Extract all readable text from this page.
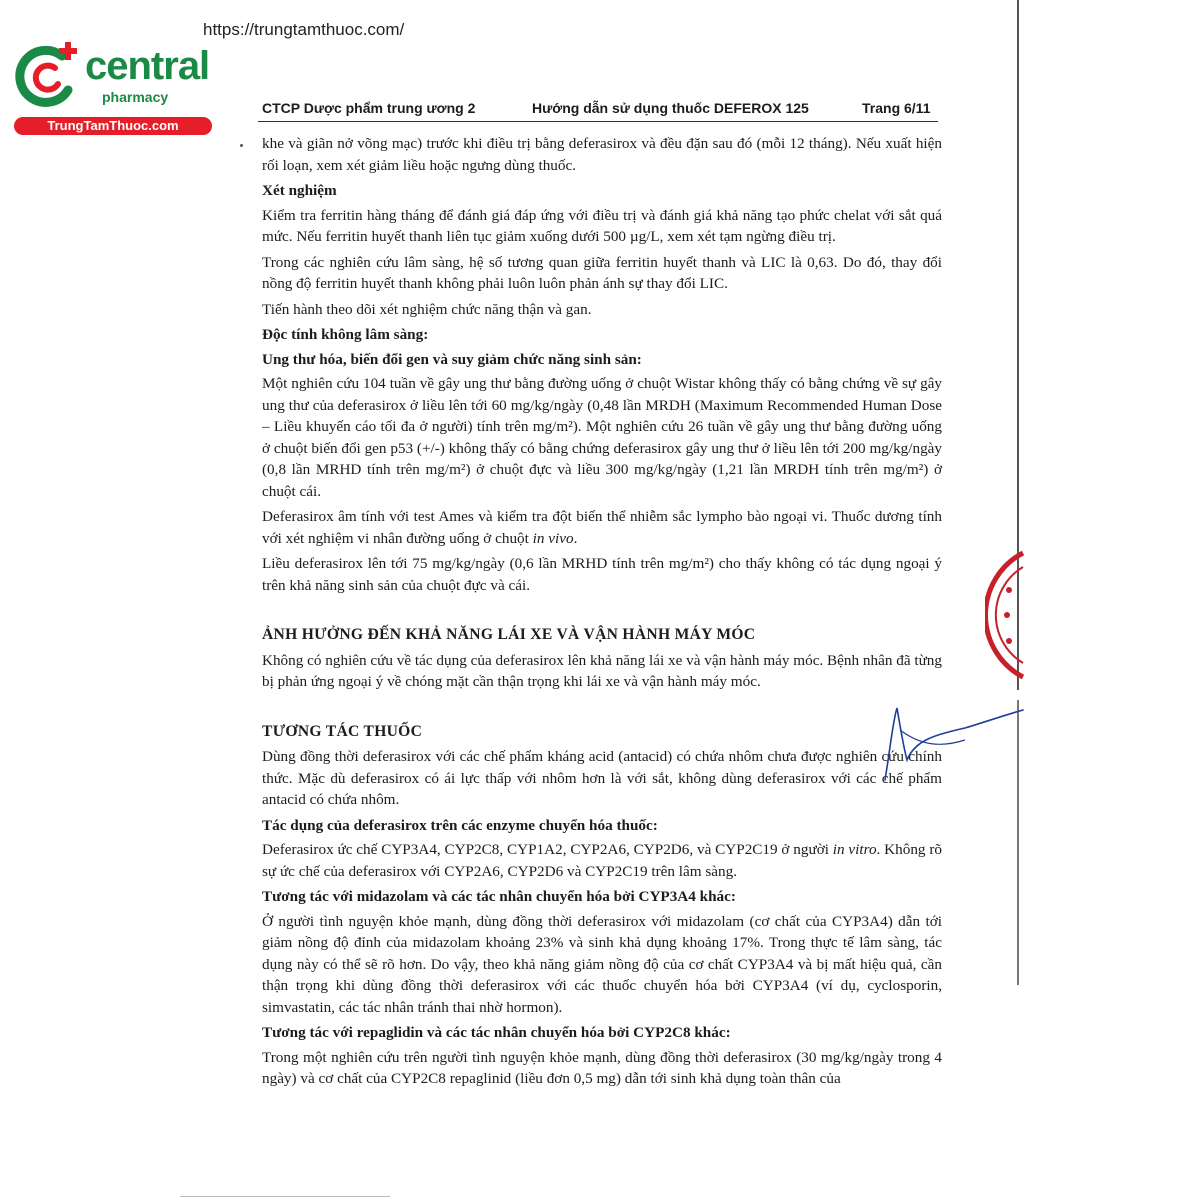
https://trungtamthuoc.com/
central
pharmacy
TrungTamThuoc.com
CTCP Dược phẩm trung ương 2	Hướng dẫn sử dụng thuốc DEFEROX 125	Trang 6/11

khe và giãn nở võng mạc) trước khi điều trị bằng deferasirox và đều đặn sau đó (mỗi 12 tháng). Nếu xuất hiện rối loạn, xem xét giảm liều hoặc ngưng dùng thuốc.

Xét nghiệm

Kiểm tra ferritin hàng tháng để đánh giá đáp ứng với điều trị và đánh giá khả năng tạo phức chelat với sắt quá mức. Nếu ferritin huyết thanh liên tục giảm xuống dưới 500 µg/L, xem xét tạm ngừng điều trị.

Trong các nghiên cứu lâm sàng, hệ số tương quan giữa ferritin huyết thanh và LIC là 0,63. Do đó, thay đổi nồng độ ferritin huyết thanh không phải luôn luôn phản ánh sự thay đổi LIC.

Tiến hành theo dõi xét nghiệm chức năng thận và gan.

Độc tính không lâm sàng:
Ung thư hóa, biến đổi gen và suy giảm chức năng sinh sản:

Một nghiên cứu 104 tuần về gây ung thư bằng đường uống ở chuột Wistar không thấy có bằng chứng về sự gây ung thư của deferasirox ở liều lên tới 60 mg/kg/ngày (0,48 lần MRDH (Maximum Recommended Human Dose – Liều khuyến cáo tối đa ở người) tính trên mg/m²). Một nghiên cứu 26 tuần về gây ung thư bằng đường uống ở chuột biến đổi gen p53 (+/-) không thấy có bằng chứng deferasirox gây ung thư ở liều lên tới 200 mg/kg/ngày (0,8 lần MRHD tính trên mg/m²) ở chuột đực và liều 300 mg/kg/ngày (1,21 lần MRDH tính trên mg/m²) ở chuột cái.

Deferasirox âm tính với test Ames và kiểm tra đột biến thể nhiễm sắc lympho bào ngoại vi. Thuốc dương tính với xét nghiệm vi nhân đường uống ở chuột in vivo.

Liều deferasirox lên tới 75 mg/kg/ngày (0,6 lần MRHD tính trên mg/m²) cho thấy không có tác dụng ngoại ý trên khả năng sinh sản của chuột đực và cái.

ẢNH HƯỞNG ĐẾN KHẢ NĂNG LÁI XE VÀ VẬN HÀNH MÁY MÓC

Không có nghiên cứu về tác dụng của deferasirox lên khả năng lái xe và vận hành máy móc. Bệnh nhân đã từng bị phản ứng ngoại ý về chóng mặt cần thận trọng khi lái xe và vận hành máy móc.

TƯƠNG TÁC THUỐC

Dùng đồng thời deferasirox với các chế phẩm kháng acid (antacid) có chứa nhôm chưa được nghiên cứu chính thức. Mặc dù deferasirox có ái lực thấp với nhôm hơn là với sắt, không dùng deferasirox với các chế phẩm antacid có chứa nhôm.

Tác dụng của deferasirox trên các enzyme chuyển hóa thuốc:

Deferasirox ức chế CYP3A4, CYP2C8, CYP1A2, CYP2A6, CYP2D6, và CYP2C19 ở người in vitro. Không rõ sự ức chế của deferasirox với CYP2A6, CYP2D6 và CYP2C19 trên lâm sàng.

Tương tác với midazolam và các tác nhân chuyển hóa bởi CYP3A4 khác:

Ở người tình nguyện khỏe mạnh, dùng đồng thời deferasirox với midazolam (cơ chất của CYP3A4) dẫn tới giảm nồng độ đỉnh của midazolam khoảng 23% và sinh khả dụng khoảng 17%. Trong thực tế lâm sàng, tác dụng này có thể sẽ rõ hơn. Do vậy, theo khả năng giảm nồng độ của cơ chất CYP3A4 và bị mất hiệu quả, cần thận trọng khi dùng đồng thời deferasirox với các thuốc chuyển hóa bởi CYP3A4 (ví dụ, cyclosporin, simvastatin, các tác nhân tránh thai nhờ hormon).

Tương tác với repaglidin và các tác nhân chuyển hóa bởi CYP2C8 khác:

Trong một nghiên cứu trên người tình nguyện khỏe mạnh, dùng đồng thời deferasirox (30 mg/kg/ngày trong 4 ngày) và cơ chất của CYP2C8 repaglinid (liều đơn 0,5 mg) dẫn tới sinh khả dụng toàn thân của
